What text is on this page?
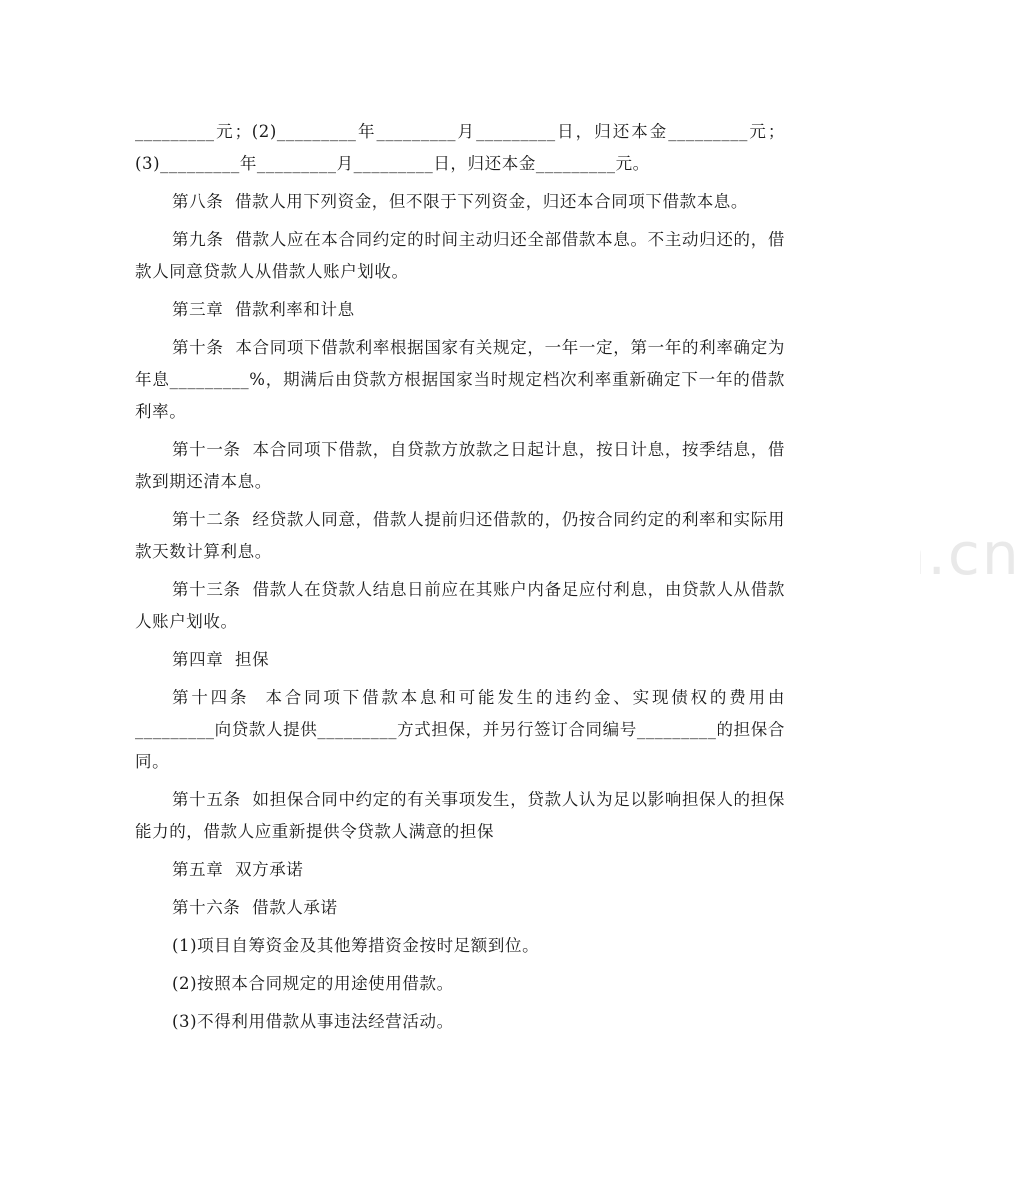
www.zixin.com.cn

_________元；(2)_________年_________月_________日，归还本金_________元；(3)_________年_________月_________日，归还本金_________元。

第八条  借款人用下列资金，但不限于下列资金，归还本合同项下借款本息。

第九条  借款人应在本合同约定的时间主动归还全部借款本息。不主动归还的，借款人同意贷款人从借款人账户划收。

第三章  借款利率和计息

第十条  本合同项下借款利率根据国家有关规定，一年一定，第一年的利率确定为年息_________%，期满后由贷款方根据国家当时规定档次利率重新确定下一年的借款利率。

第十一条  本合同项下借款，自贷款方放款之日起计息，按日计息，按季结息，借款到期还清本息。

第十二条  经贷款人同意，借款人提前归还借款的，仍按合同约定的利率和实际用款天数计算利息。

第十三条  借款人在贷款人结息日前应在其账户内备足应付利息，由贷款人从借款人账户划收。

第四章  担保

第十四条  本合同项下借款本息和可能发生的违约金、实现债权的费用由_________向贷款人提供_________方式担保，并另行签订合同编号_________的担保合同。

第十五条  如担保合同中约定的有关事项发生，贷款人认为足以影响担保人的担保能力的，借款人应重新提供令贷款人满意的担保

第五章  双方承诺

第十六条  借款人承诺

(1)项目自筹资金及其他筹措资金按时足额到位。

(2)按照本合同规定的用途使用借款。

(3)不得利用借款从事违法经营活动。
